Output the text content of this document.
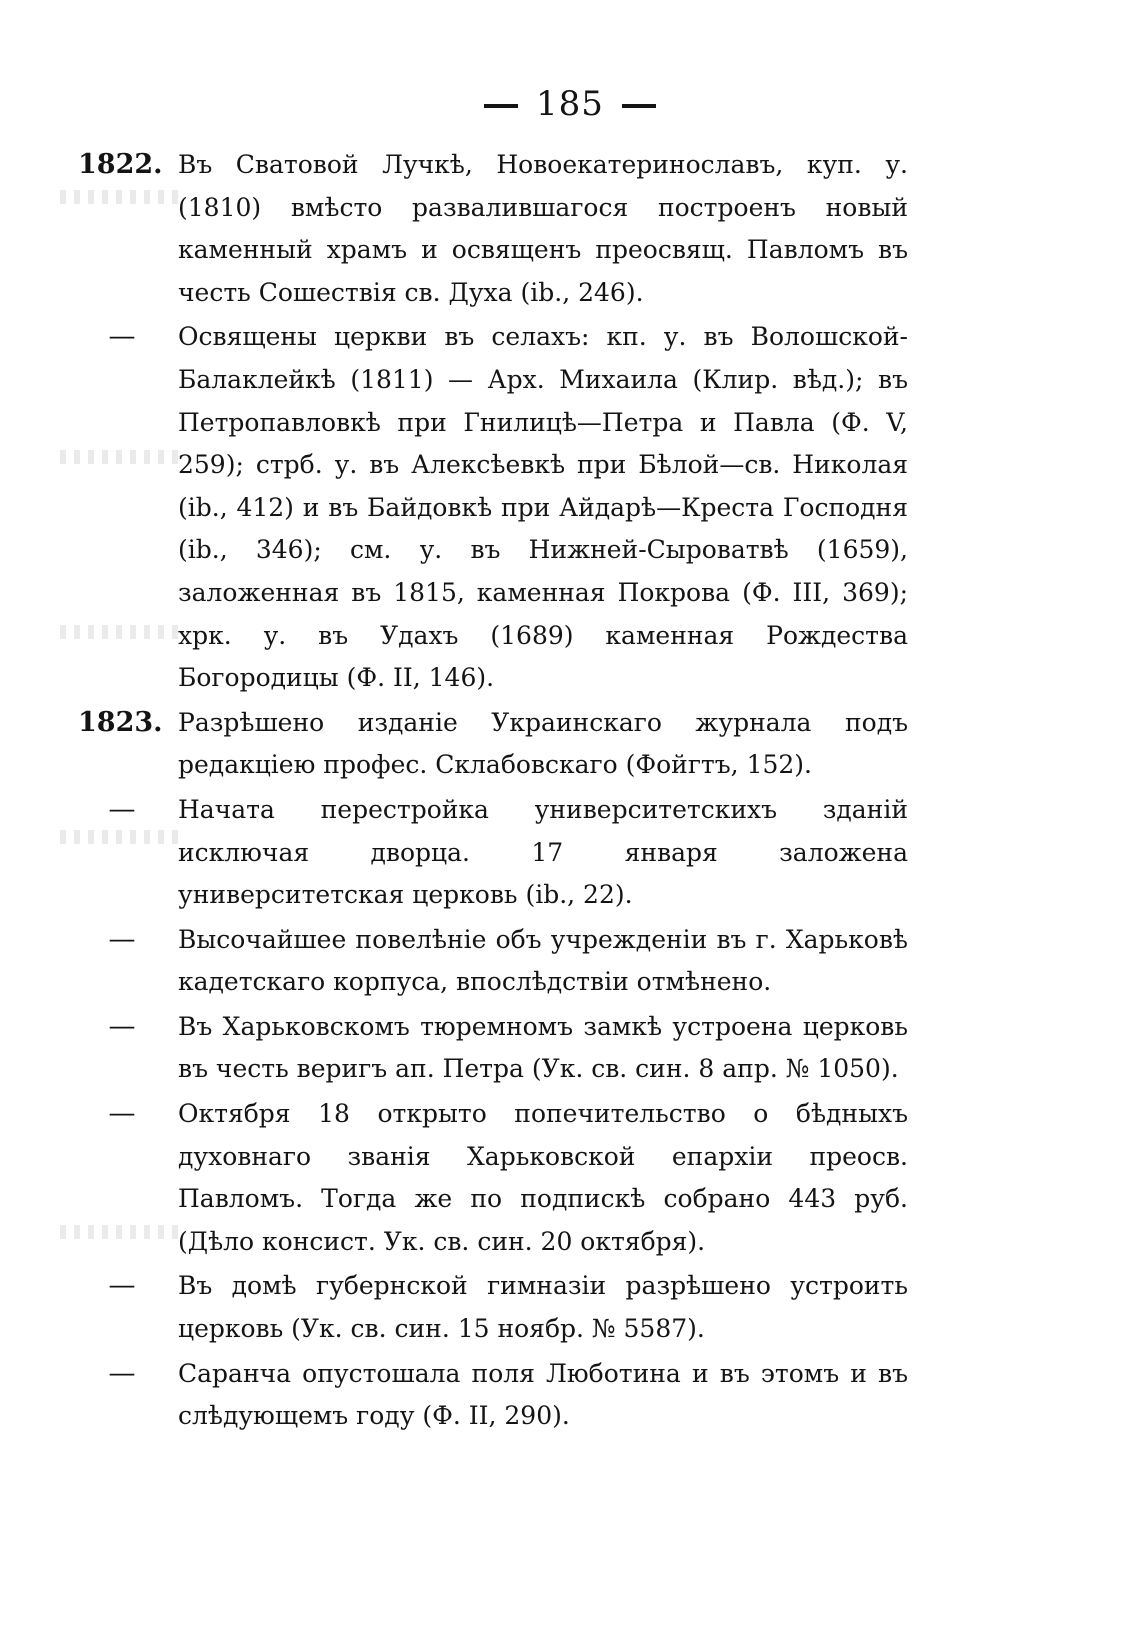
185
1822. Въ Сватовой Лучкѣ, Новоекатеринославъ, куп. у. (1810) вмѣсто развалившагося построенъ новый каменный храмъ и освященъ преосвящ. Павломъ въ честь Сошествія св. Духа (ib., 246).
—	Освящены церкви въ селахъ: кп. у. въ Волошской-Балаклейкѣ (1811) — Арх. Михаила (Клир. вѣд.); въ Петропавловкѣ при Гнилицѣ—Петра и Павла (Ф. V, 259); стрб. у. въ Алексѣевкѣ при Бѣлой—св. Николая (ib., 412) и въ Байдовкѣ при Айдарѣ—Креста Господня (ib., 346); см. у. въ Нижней-Сыроватвѣ (1659), заложенная въ 1815, каменная Покрова (Ф. III, 369); хрк. у. въ Удахъ (1689) каменная Рождества Богородицы (Ф. II, 146).
1823. Разрѣшено изданіе Украинскаго журнала подъ редакціею профес. Склабовскаго (Фойгтъ, 152).
—	Начата перестройка университетскихъ зданій исключая дворца. 17 января заложена университетская церковь (ib., 22).
—	Высочайшее повелѣніе объ учрежденіи въ г. Харьковѣ кадетскаго корпуса, впослѣдствіи отмѣнено.
—	Въ Харьковскомъ тюремномъ замкѣ устроена церковь въ честь веригъ ап. Петра (Ук. св. син. 8 апр. № 1050).
—	Октября 18 открыто попечительство о бѣдныхъ духовнаго званія Харьковской епархіи преосв. Павломъ. Тогда же по подпискѣ собрано 443 руб. (Дѣло консист. Ук. св. син. 20 октября).
—	Въ домѣ губернской гимназіи разрѣшено устроить церковь (Ук. св. син. 15 ноябр. № 5587).
—	Саранча опустошала поля Люботина и въ этомъ и въ слѣдующемъ году (Ф. II, 290).
